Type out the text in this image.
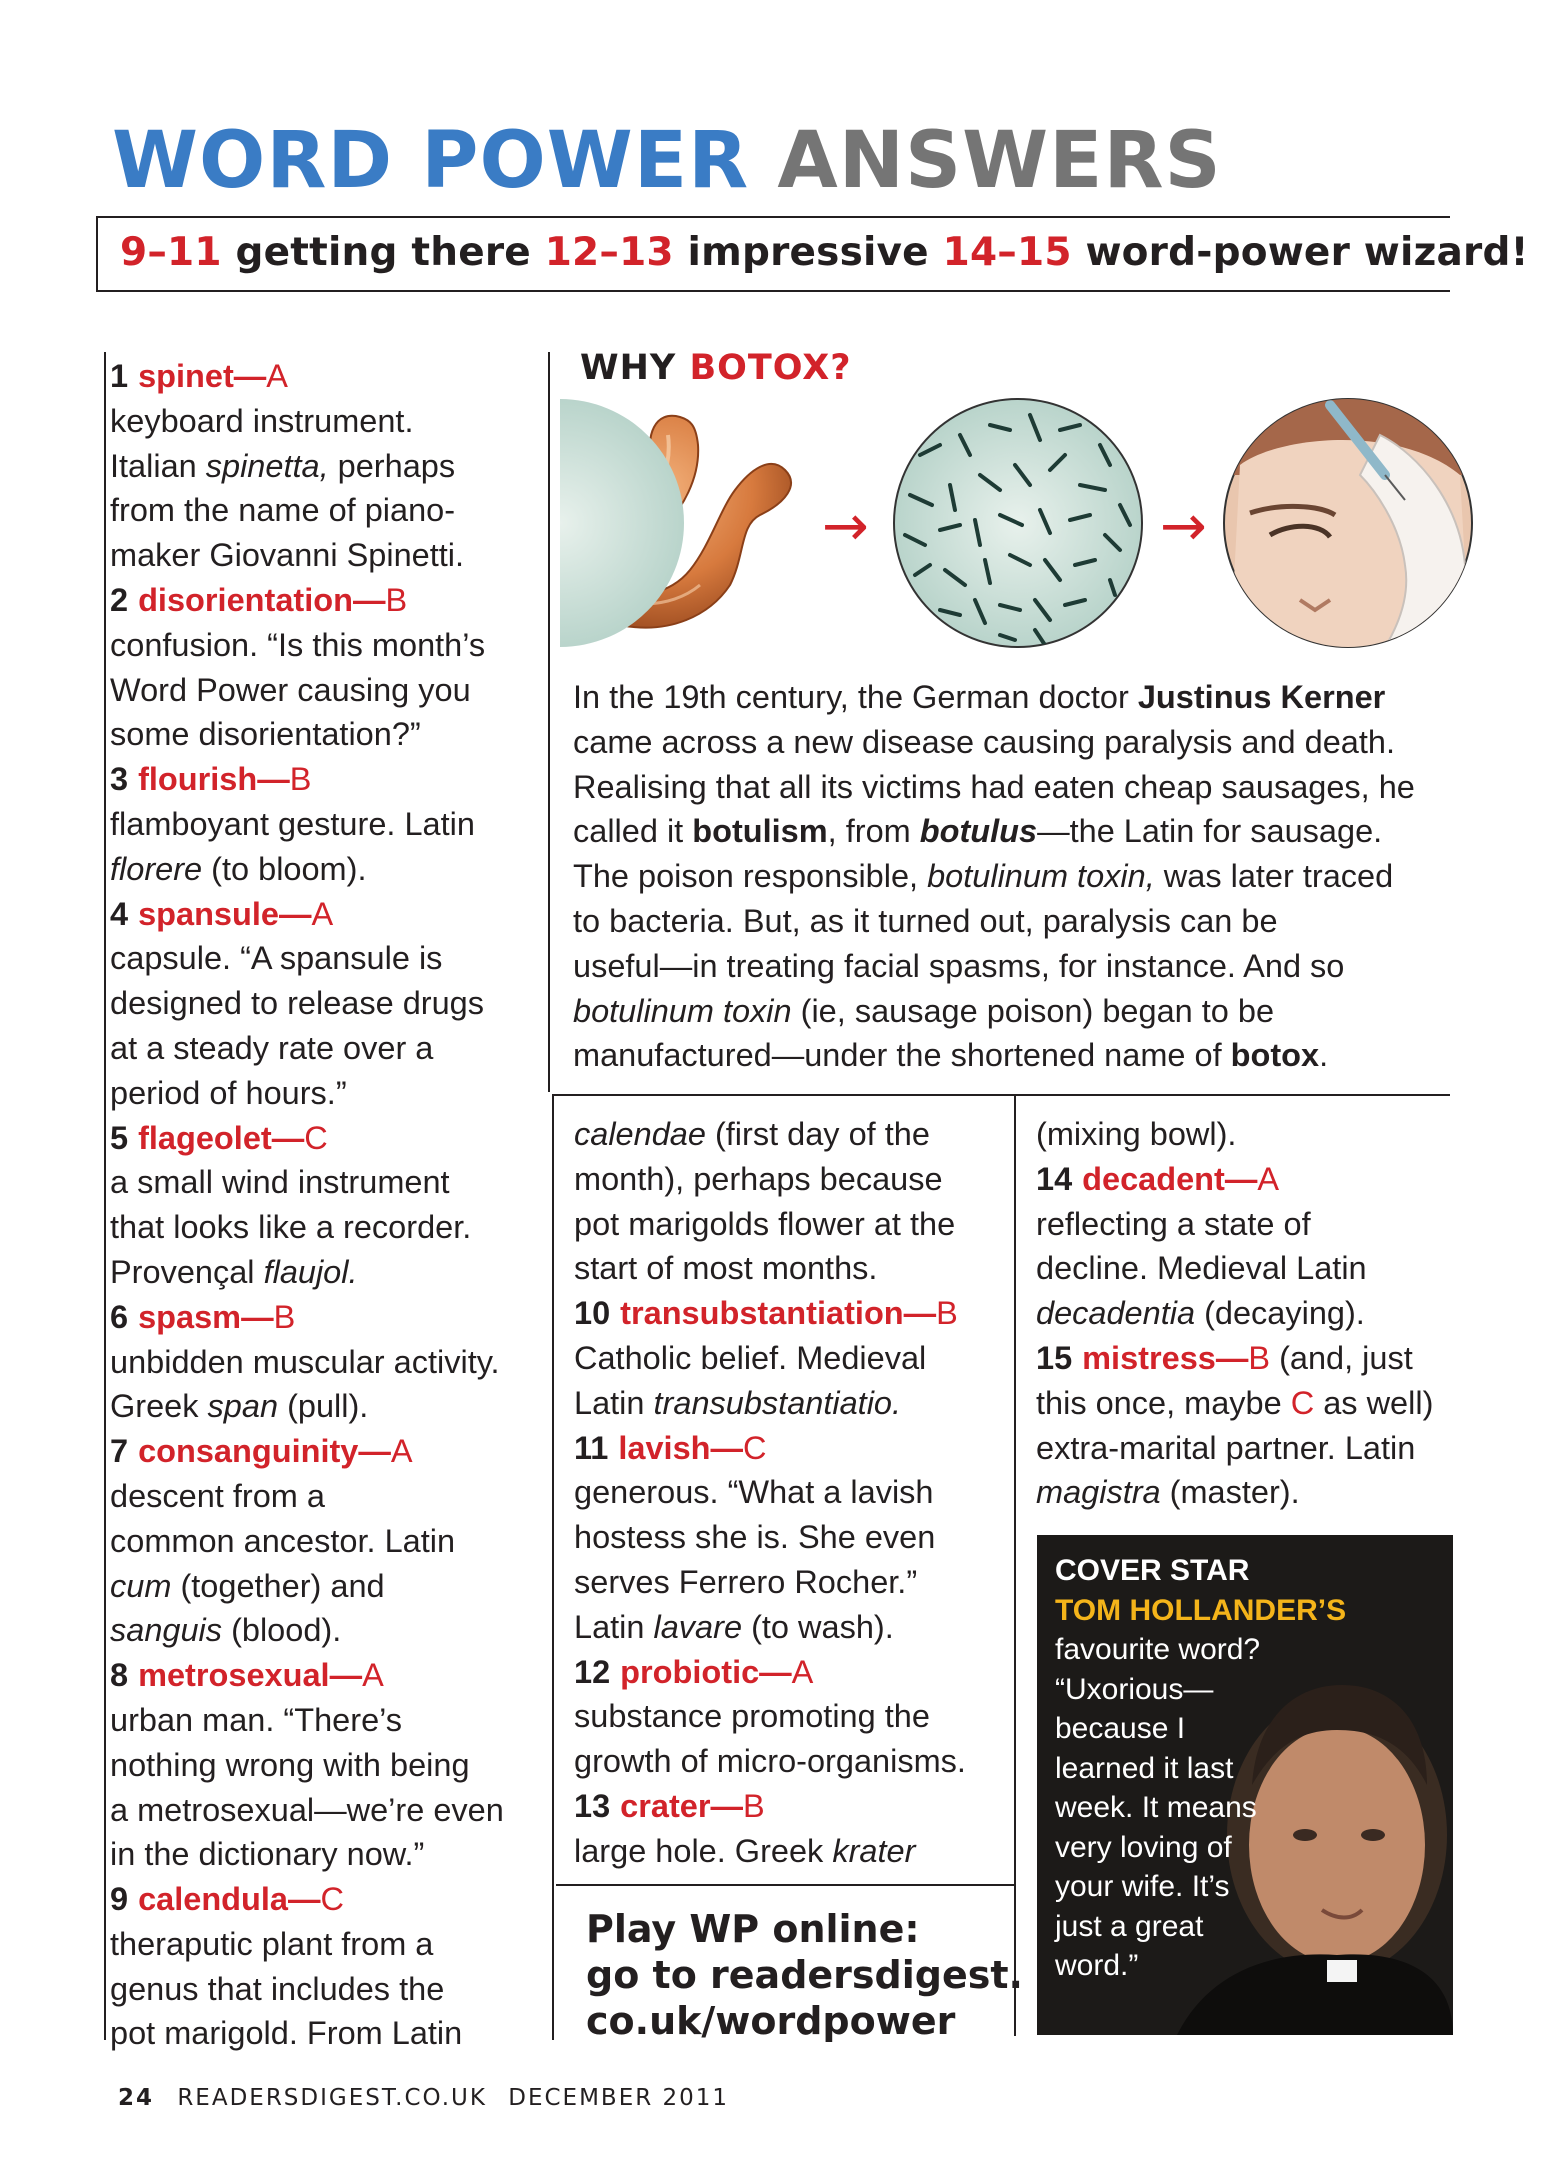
WORD POWER ANSWERS
9–11 getting there 12–13 impressive 14–15 word-power wizard!
1 spinet—A
keyboard instrument.
Italian spinetta, perhaps
from the name of piano-
maker Giovanni Spinetti.
2 disorientation—B
confusion. “Is this month’s
Word Power causing you
some disorientation?”
3 flourish—B
flamboyant gesture. Latin
florere (to bloom).
4 spansule—A
capsule. “A spansule is
designed to release drugs
at a steady rate over a
period of hours.”
5 flageolet—C
a small wind instrument
that looks like a recorder.
Provençal flaujol.
6 spasm—B
unbidden muscular activity.
Greek span (pull).
7 consanguinity—A
descent from a
common ancestor. Latin
cum (together) and
sanguis (blood).
8 metrosexual—A
urban man. “There’s
nothing wrong with being
a metrosexual—we’re even
in the dictionary now.”
9 calendula—C
theraputic plant from a
genus that includes the
pot marigold. From Latin
WHY BOTOX?
→	→
In the 19th century, the German doctor Justinus Kerner
came across a new disease causing paralysis and death.
Realising that all its victims had eaten cheap sausages, he
called it botulism, from botulus—the Latin for sausage.
The poison responsible, botulinum toxin, was later traced
to bacteria. But, as it turned out, paralysis can be
useful—in treating facial spasms, for instance. And so
botulinum toxin (ie, sausage poison) began to be
manufactured—under the shortened name of botox.
calendae (first day of the
month), perhaps because
pot marigolds flower at the
start of most months.
10 transubstantiation—B
Catholic belief. Medieval
Latin transubstantiatio.
11 lavish—C
generous. “What a lavish
hostess she is. She even
serves Ferrero Rocher.”
Latin lavare (to wash).
12 probiotic—A
substance promoting the
growth of micro-organisms.
13 crater—B
large hole. Greek krater
Play WP online:
go to readersdigest.
co.uk/wordpower
(mixing bowl).
14 decadent—A
reflecting a state of
decline. Medieval Latin
decadentia (decaying).
15 mistress—B (and, just
this once, maybe C as well)
extra-marital partner. Latin
magistra (master).
COVER STAR
TOM HOLLANDER’S
favourite word?
“Uxorious—
because I
learned it last
week. It means
very loving of
your wife. It’s
just a great
word.”
24 READERSDIGEST.CO.UK DECEMBER 2011
